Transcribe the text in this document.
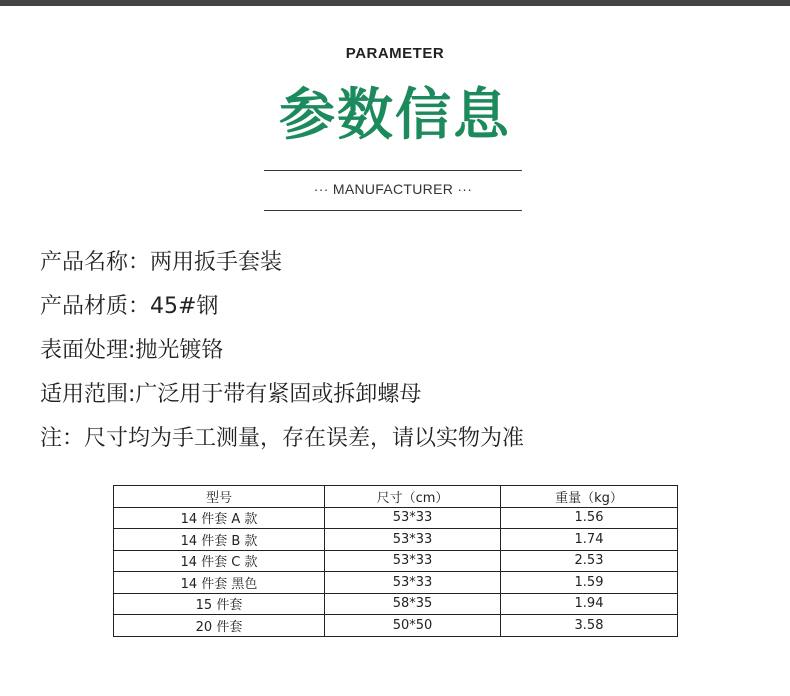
PARAMETER
参数信息
··· MANUFACTURER ···
产品名称：两用扳手套装
产品材质：45#钢
表面处理:抛光镀铬
适用范围:广泛用于带有紧固或拆卸螺母
注：尺寸均为手工测量，存在误差，请以实物为准
型号	尺寸（cm）	重量（kg）
14 件套 A 款	53*33	1.56
14 件套 B 款	53*33	1.74
14 件套 C 款	53*33	2.53
14 件套 黑色	53*33	1.59
15 件套	58*35	1.94
20 件套	50*50	3.58
